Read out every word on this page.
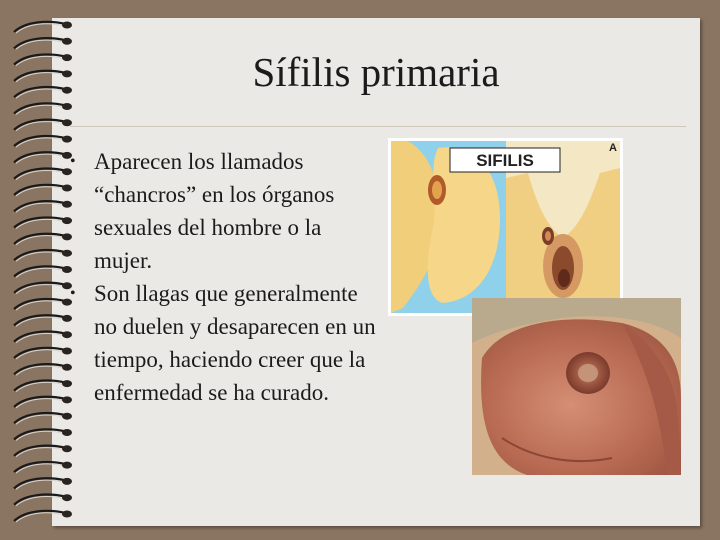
Sífilis primaria
• Aparecen los llamados “chancros” en los órganos sexuales del hombre o la mujer.
• Son llagas que generalmente no duelen y desaparecen en un tiempo, haciendo creer que la enfermedad se ha curado.
SIFILIS
A
